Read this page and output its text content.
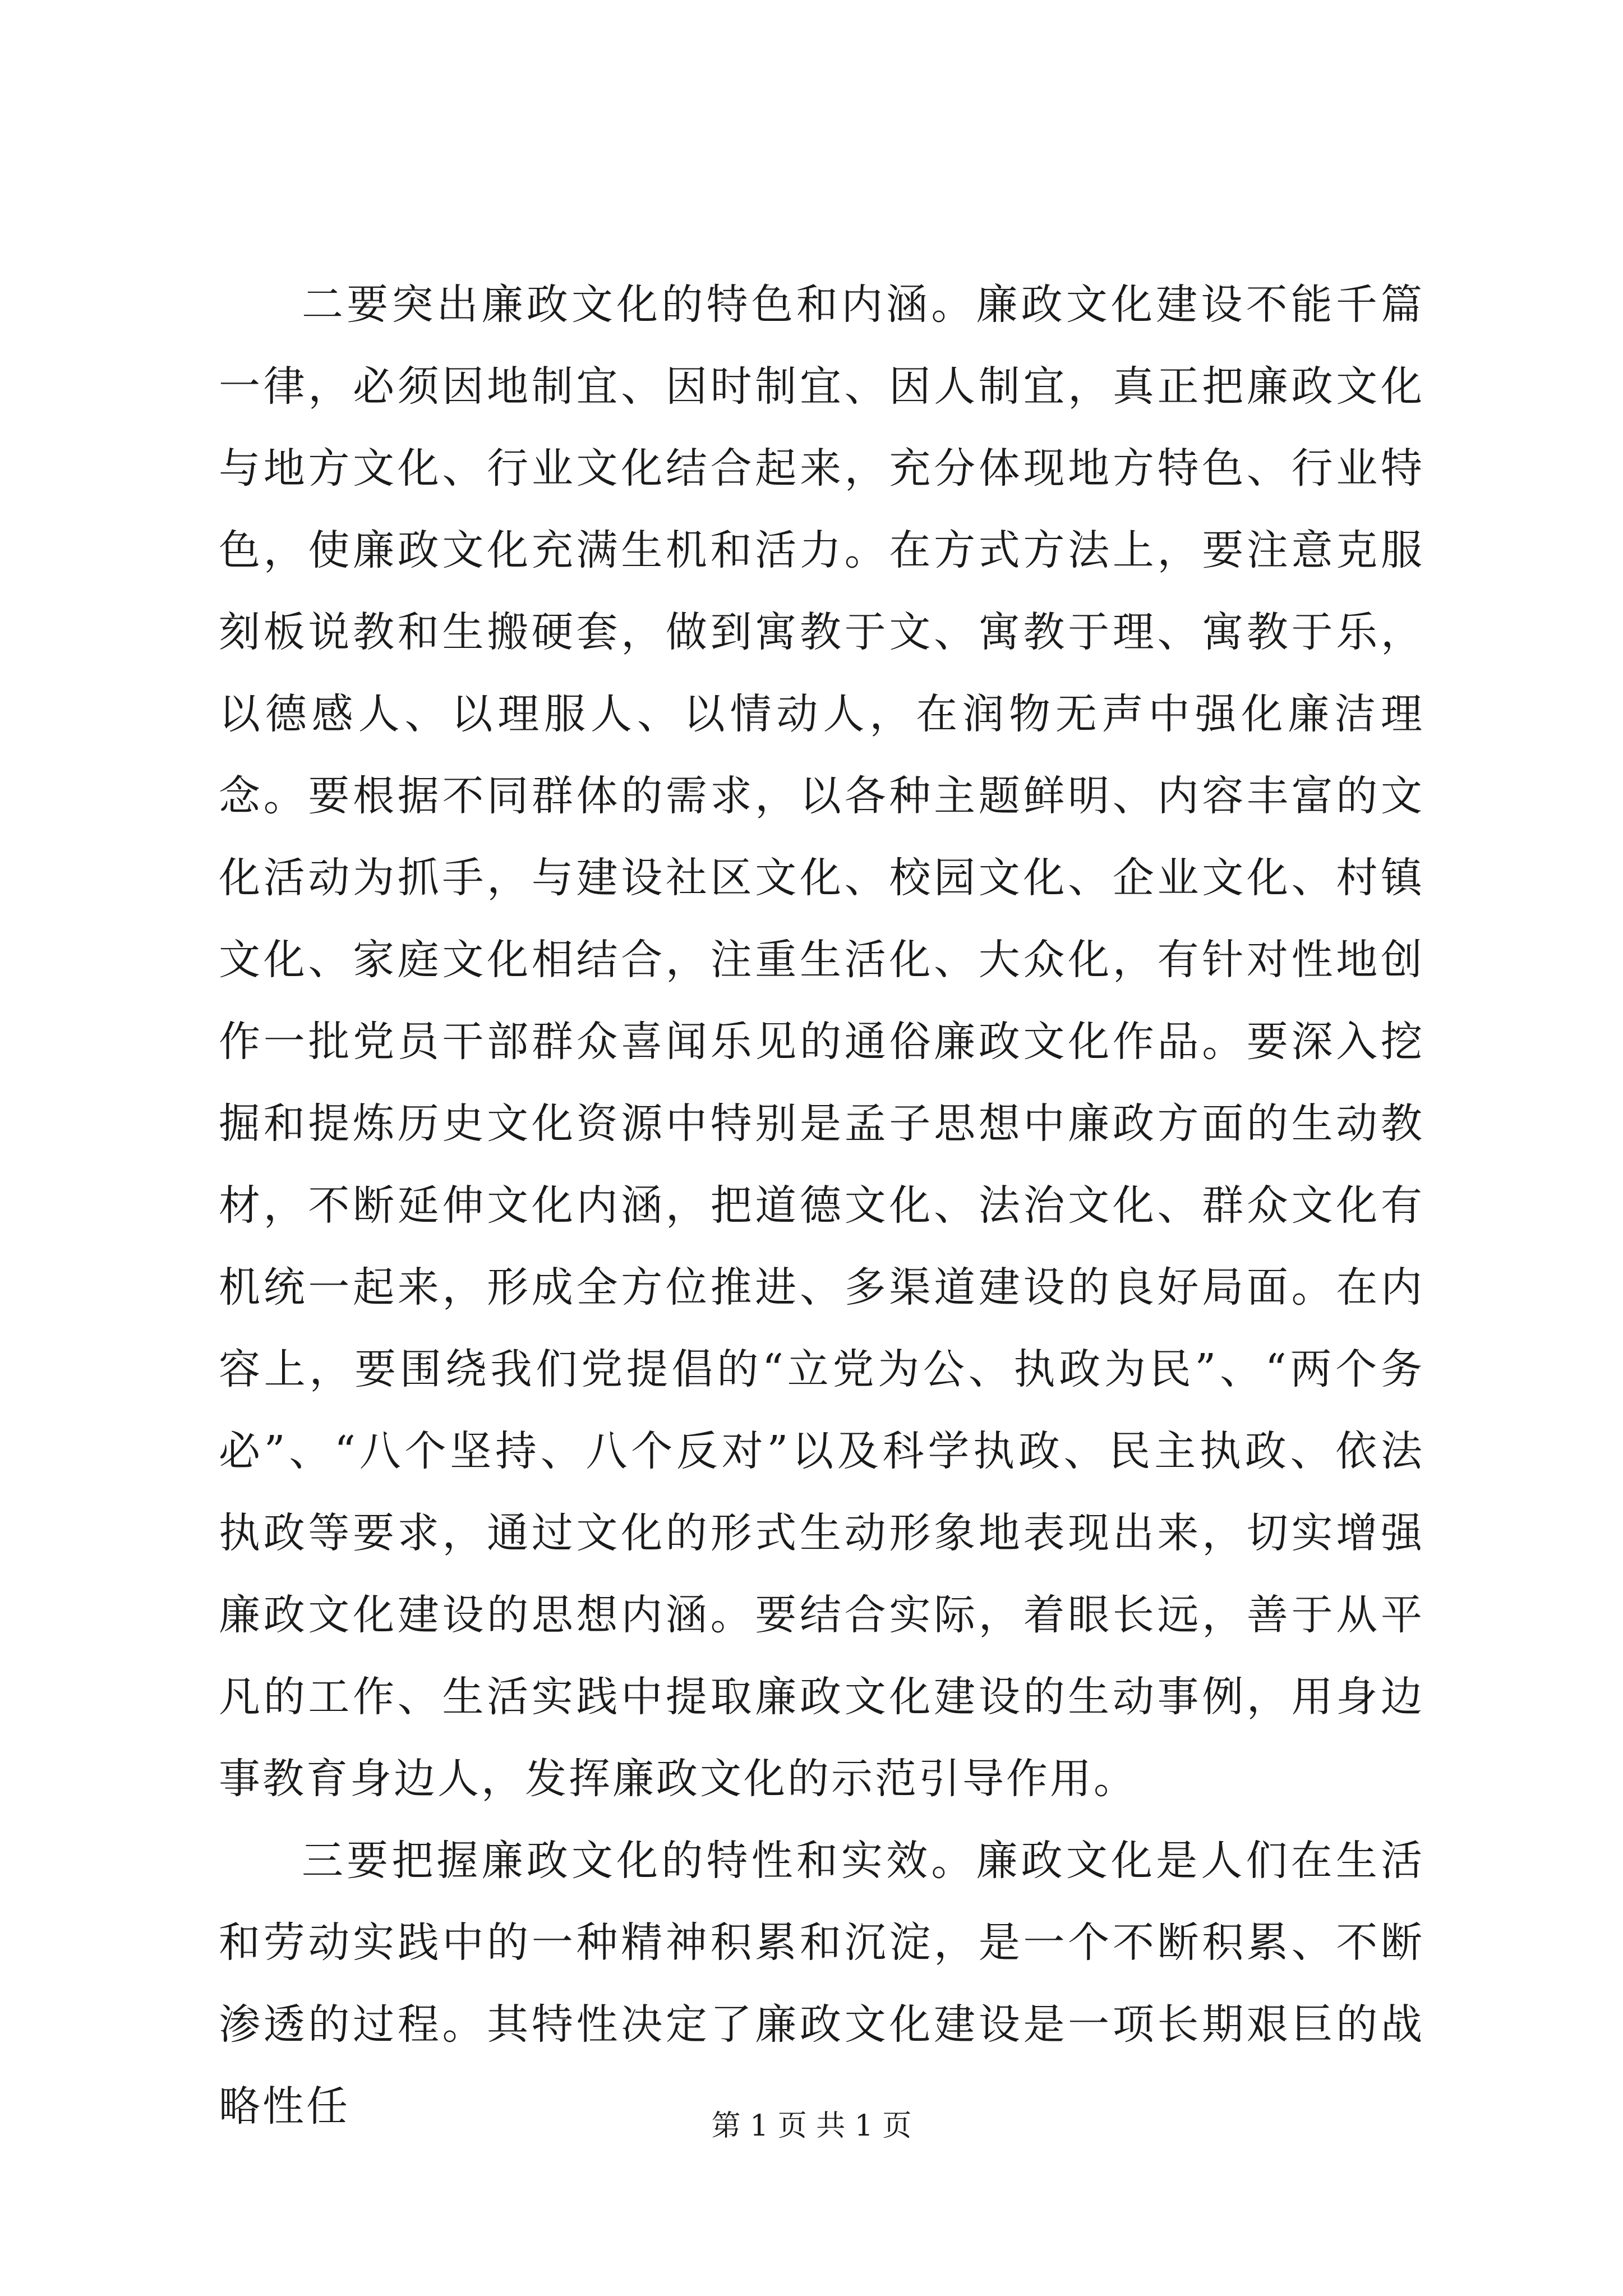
二要突出廉政文化的特色和内涵。廉政文化建设不能千篇一律，必须因地制宜、因时制宜、因人制宜，真正把廉政文化与地方文化、行业文化结合起来，充分体现地方特色、行业特色，使廉政文化充满生机和活力。在方式方法上，要注意克服刻板说教和生搬硬套，做到寓教于文、寓教于理、寓教于乐，以德感人、以理服人、以情动人，在润物无声中强化廉洁理念。要根据不同群体的需求，以各种主题鲜明、内容丰富的文化活动为抓手，与建设社区文化、校园文化、企业文化、村镇文化、家庭文化相结合，注重生活化、大众化，有针对性地创作一批党员干部群众喜闻乐见的通俗廉政文化作品。要深入挖掘和提炼历史文化资源中特别是孟子思想中廉政方面的生动教材，不断延伸文化内涵，把道德文化、法治文化、群众文化有机统一起来，形成全方位推进、多渠道建设的良好局面。在内容上，要围绕我们党提倡的“立党为公、执政为民”、“两个务必”、“八个坚持、八个反对”以及科学执政、民主执政、依法执政等要求，通过文化的形式生动形象地表现出来，切实增强廉政文化建设的思想内涵。要结合实际，着眼长远，善于从平凡的工作、生活实践中提取廉政文化建设的生动事例，用身边事教育身边人，发挥廉政文化的示范引导作用。

三要把握廉政文化的特性和实效。廉政文化是人们在生活和劳动实践中的一种精神积累和沉淀，是一个不断积累、不断渗透的过程。其特性决定了廉政文化建设是一项长期艰巨的战略性任	第 1 页 共 1 页
